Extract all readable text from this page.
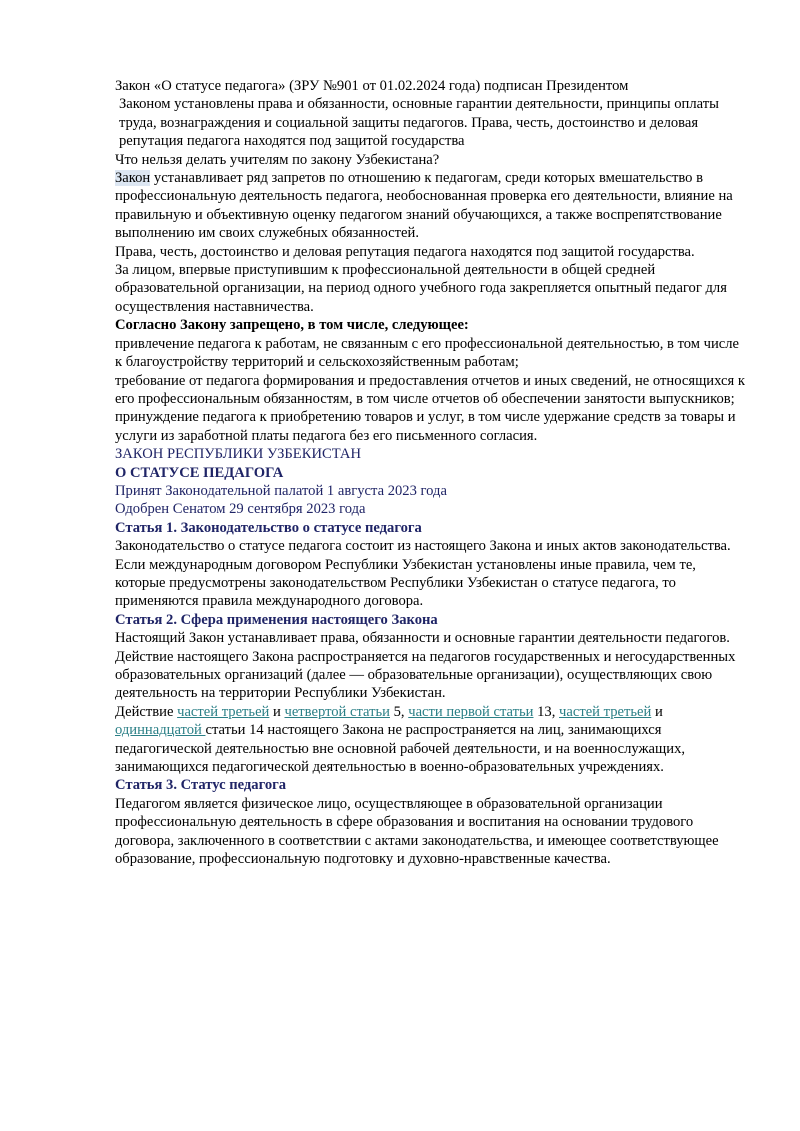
Закон «О статусе педагога» (ЗРУ №901 от 01.02.2024 года) подписан Президентом

Законом установлены права и обязанности, основные гарантии деятельности, принципы оплаты труда, вознаграждения и социальной защиты педагогов. Права, честь, достоинство и деловая репутация педагога находятся под защитой государства

Что нельзя делать учителям по закону Узбекистана?

Закон устанавливает ряд запретов по отношению к педагогам, среди которых вмешательство в профессиональную деятельность педагога, необоснованная проверка его деятельности, влияние на правильную и объективную оценку педагогом знаний обучающихся, а также воспрепятствование выполнению им своих служебных обязанностей.

Права, честь, достоинство и деловая репутация педагога находятся под защитой государства.

За лицом, впервые приступившим к профессиональной деятельности в общей средней образовательной организации, на период одного учебного года закрепляется опытный педагог для осуществления наставничества.

Согласно Закону запрещено, в том числе, следующее:

привлечение педагога к работам, не связанным с его профессиональной деятельностью, в том числе к благоустройству территорий и сельскохозяйственным работам;

требование от педагога формирования и предоставления отчетов и иных сведений, не относящихся к его профессиональным обязанностям, в том числе отчетов об обеспечении занятости выпускников;

принуждение педагога к приобретению товаров и услуг, в том числе удержание средств за товары и услуги из заработной платы педагога без его письменного согласия.

ЗАКОН РЕСПУБЛИКИ УЗБЕКИСТАН

О СТАТУСЕ ПЕДАГОГА

Принят Законодательной палатой 1 августа 2023 года

Одобрен Сенатом 29 сентября 2023 года

Статья 1. Законодательство о статусе педагога

Законодательство о статусе педагога состоит из настоящего Закона и иных актов законодательства.

Если международным договором Республики Узбекистан установлены иные правила, чем те, которые предусмотрены законодательством Республики Узбекистан о статусе педагога, то применяются правила международного договора.

Статья 2. Сфера применения настоящего Закона

Настоящий Закон устанавливает права, обязанности и основные гарантии деятельности педагогов.

Действие настоящего Закона распространяется на педагогов государственных и негосударственных образовательных организаций (далее — образовательные организации), осуществляющих свою деятельность на территории Республики Узбекистан.

Действие частей третьей и четвертой статьи 5, части первой статьи 13, частей третьей и одиннадцатой статьи 14 настоящего Закона не распространяется на лиц, занимающихся педагогической деятельностью вне основной рабочей деятельности, и на военнослужащих, занимающихся педагогической деятельностью в военно-образовательных учреждениях.

Статья 3. Статус педагога

Педагогом является физическое лицо, осуществляющее в образовательной организации профессиональную деятельность в сфере образования и воспитания на основании трудового договора, заключенного в соответствии с актами законодательства, и имеющее соответствующее образование, профессиональную подготовку и духовно-нравственные качества.
